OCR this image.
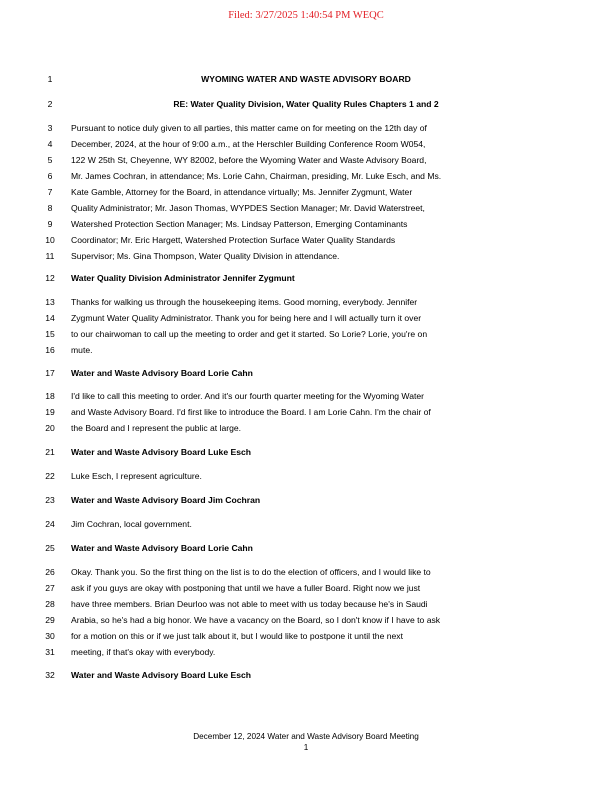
Filed: 3/27/2025 1:40:54 PM WEQC
1
2
3
4
5
6
7
8
9
10
11
12
13
14
15
16
17
18
19
20
21
22
23
24
25
26
27
28
29
30
31
32
WYOMING WATER AND WASTE ADVISORY BOARD
RE: Water Quality Division, Water Quality Rules Chapters 1 and 2
Pursuant to notice duly given to all parties, this matter came on for meeting on the 12th day of
December, 2024, at the hour of 9:00 a.m., at the Herschler Building Conference Room W054,
122 W 25th St, Cheyenne, WY 82002, before the Wyoming Water and Waste Advisory Board,
Mr. James Cochran, in attendance; Ms. Lorie Cahn, Chairman, presiding, Mr. Luke Esch, and Ms.
Kate Gamble, Attorney for the Board, in attendance virtually; Ms. Jennifer Zygmunt, Water
Quality Administrator; Mr. Jason Thomas, WYPDES Section Manager; Mr. David Waterstreet,
Watershed Protection Section Manager; Ms. Lindsay Patterson, Emerging Contaminants
Coordinator; Mr. Eric Hargett, Watershed Protection Surface Water Quality Standards
Supervisor; Ms. Gina Thompson, Water Quality Division in attendance.
Water Quality Division Administrator Jennifer Zygmunt
Thanks for walking us through the housekeeping items. Good morning, everybody. Jennifer
Zygmunt Water Quality Administrator. Thank you for being here and I will actually turn it over
to our chairwoman to call up the meeting to order and get it started. So Lorie? Lorie, you're on
mute.
Water and Waste Advisory Board Lorie Cahn
I'd like to call this meeting to order. And it's our fourth quarter meeting for the Wyoming Water
and Waste Advisory Board. I'd first like to introduce the Board. I am Lorie Cahn. I'm the chair of
the Board and I represent the public at large.
Water and Waste Advisory Board Luke Esch
Luke Esch, I represent agriculture.
Water and Waste Advisory Board Jim Cochran
Jim Cochran, local government.
Water and Waste Advisory Board Lorie Cahn
Okay. Thank you. So the first thing on the list is to do the election of officers, and I would like to
ask if you guys are okay with postponing that until we have a fuller Board. Right now we just
have three members. Brian Deurloo was not able to meet with us today because he's in Saudi
Arabia, so he's had a big honor. We have a vacancy on the Board, so I don't know if I have to ask
for a motion on this or if we just talk about it, but I would like to postpone it until the next
meeting, if that's okay with everybody.
Water and Waste Advisory Board Luke Esch
December 12, 2024 Water and Waste Advisory Board Meeting
1
